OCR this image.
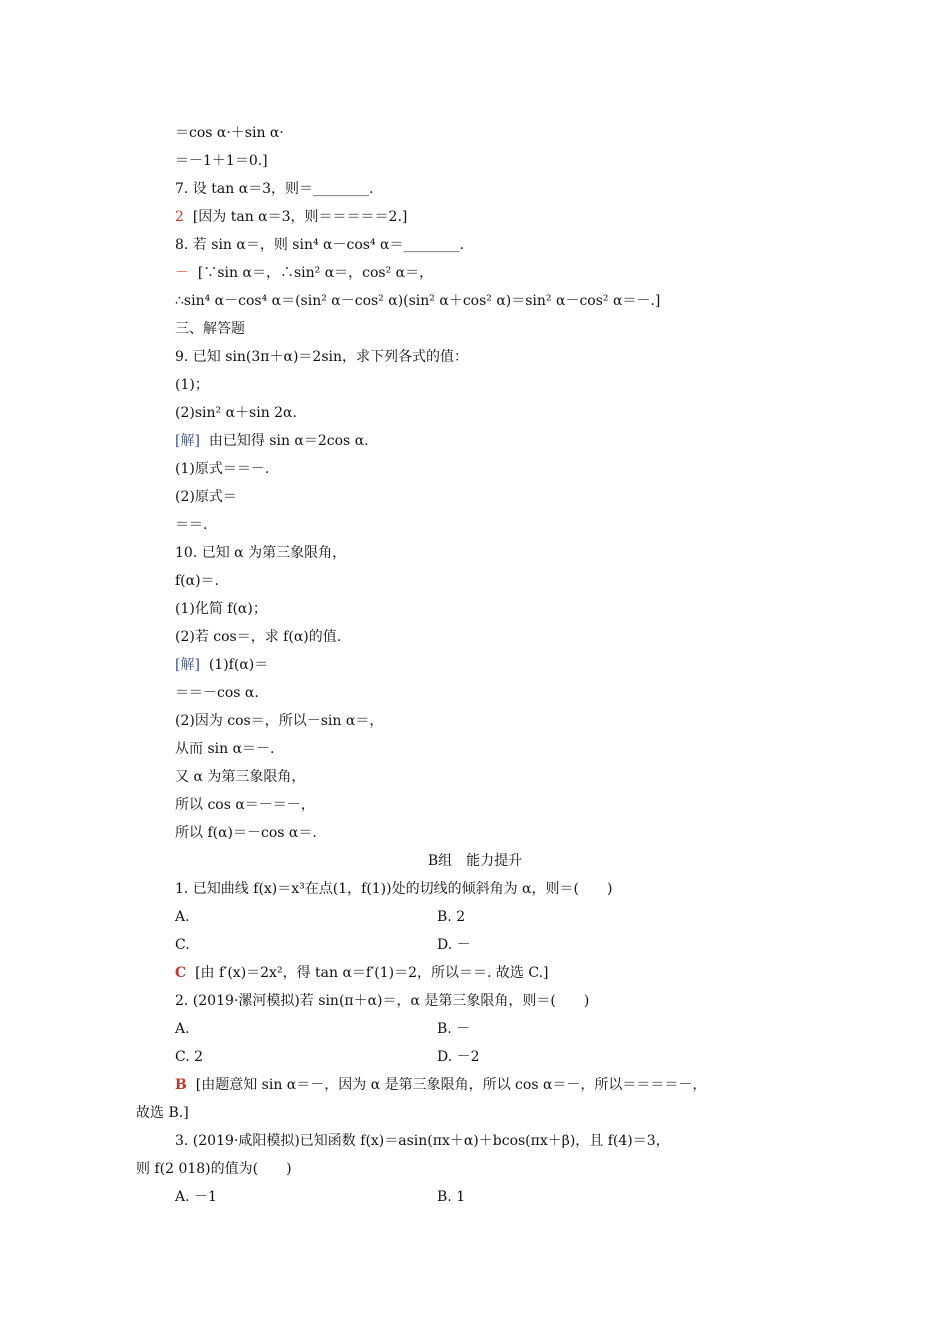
＝cos α·＋sin α·
＝－1＋1＝0.]
7. 设 tan α＝3，则＝________.
2 [因为 tan α＝3，则＝＝＝＝＝2.]
8. 若 sin α＝，则 sin⁴ α－cos⁴ α＝________.
－ [∵sin α＝，∴sin² α＝，cos² α＝，
∴sin⁴ α－cos⁴ α＝(sin² α－cos² α)(sin² α＋cos² α)＝sin² α－cos² α＝－.]
三、解答题
9. 已知 sin(3π＋α)＝2sin，求下列各式的值：
(1)；
(2)sin² α＋sin 2α.
[解] 由已知得 sin α＝2cos α.
(1)原式＝＝－.
(2)原式＝
＝＝.
10. 已知 α 为第三象限角，
f(α)＝.
(1)化简 f(α)；
(2)若 cos＝，求 f(α)的值.
[解] (1)f(α)＝
＝＝－cos α.
(2)因为 cos＝，所以－sin α＝，
从而 sin α＝－.
又 α 为第三象限角，
所以 cos α＝－＝－，
所以 f(α)＝－cos α＝.
B组　能力提升
1. 已知曲线 f(x)＝x³在点(1，f(1))处的切线的倾斜角为 α，则＝(　　)
A.	B. 2
C.	D. －
C [由 f′(x)＝2x²，得 tan α＝f′(1)＝2，所以＝＝. 故选 C.]
2. (2019·漯河模拟)若 sin(π＋α)＝，α 是第三象限角，则＝(　　)
A.	B. －
C. 2	D. －2
B [由题意知 sin α＝－，因为 α 是第三象限角，所以 cos α＝－，所以＝＝＝＝－，
故选 B.]
3. (2019·咸阳模拟)已知函数 f(x)＝asin(πx＋α)＋bcos(πx＋β)，且 f(4)＝3，
则 f(2 018)的值为(　　)
A. －1	B. 1
